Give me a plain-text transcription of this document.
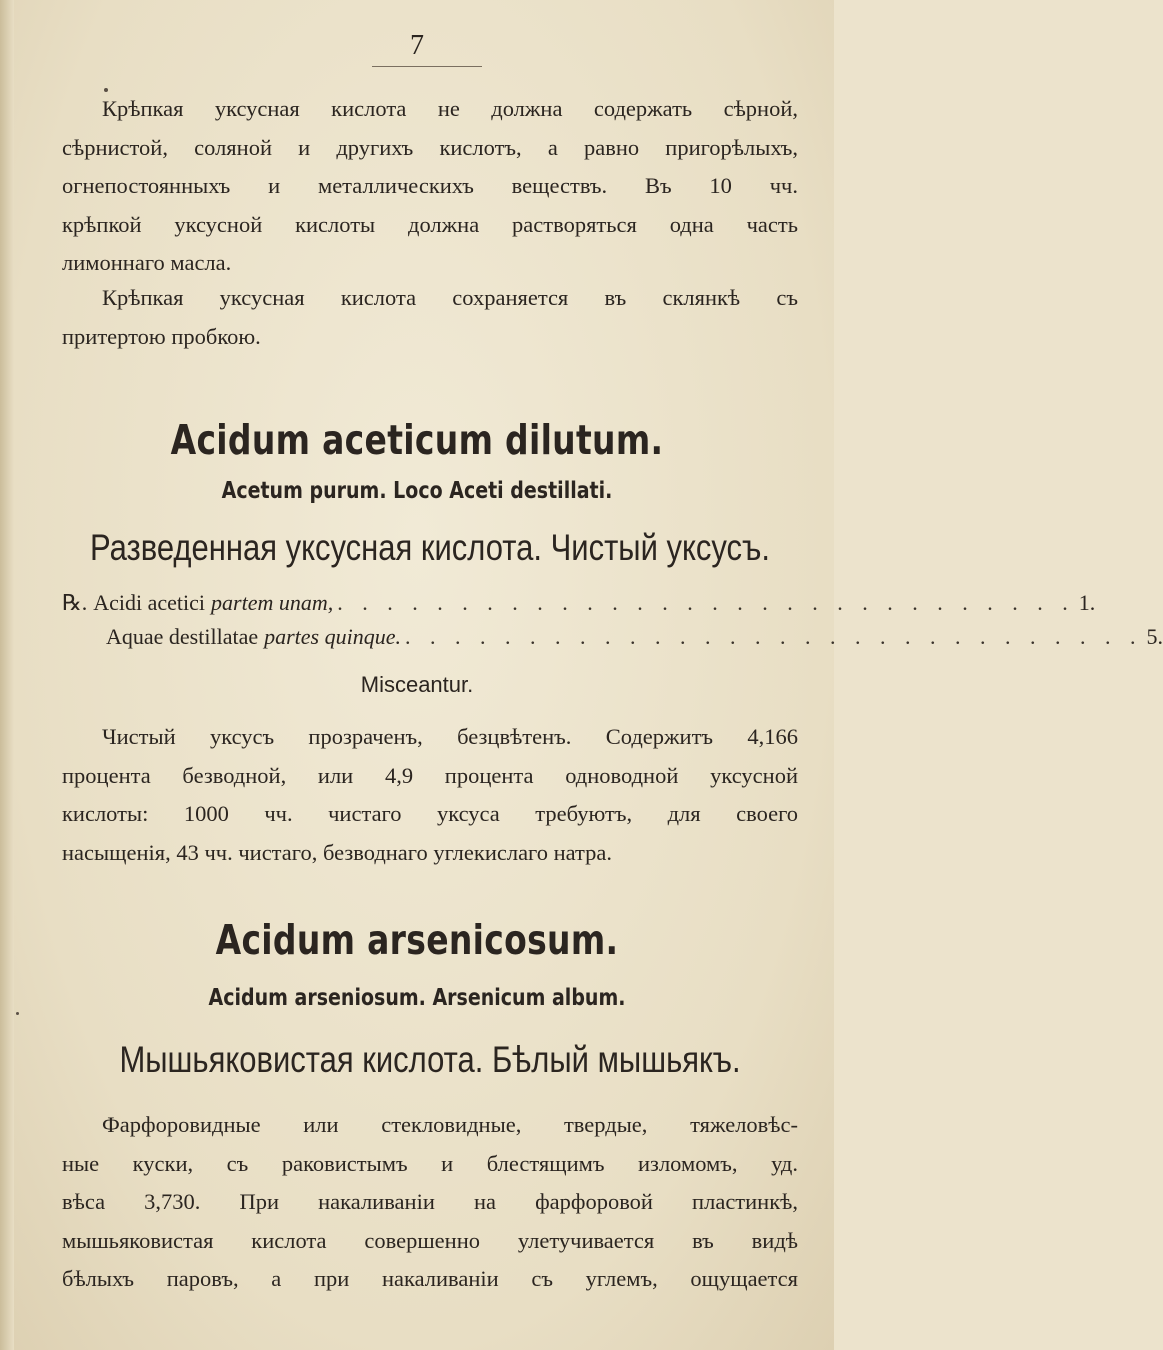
7
Крѣпкая уксусная кислота не должна содержать сѣрной,
сѣрнистой, соляной и другихъ кислотъ, а равно пригорѣлыхъ,
огнепостоянныхъ и металлическихъ веществъ. Въ 10 чч.
крѣпкой уксусной кислоты должна растворяться одна часть
лимоннаго масла.
Крѣпкая уксусная кислота сохраняется въ склянкѣ съ
притертою пробкою.
Acidum aceticum dilutum.
Acetum purum. Loco Aceti destillati.
Разведенная уксусная кислота. Чистый уксусъ.
℞. Acidi acetici partem unam, . . . . . . . . . . . . . . . . . . . . . . . . . . . . . . 1.
Aquae destillatae partes quinque. . . . . . . . . . . . . . . . . . . . . . . . . . . . . . . 5.
Misceantur.
Чистый уксусъ прозраченъ, безцвѣтенъ. Содержитъ 4,166
процента безводной, или 4,9 процента одноводной уксусной
кислоты: 1000 чч. чистаго уксуса требуютъ, для своего
насыщенія, 43 чч. чистаго, безводнаго углекислаго натра.
Acidum arsenicosum.
Acidum arseniosum. Arsenicum album.
Мышьяковистая кислота. Бѣлый мышьякъ.
Фарфоровидные или стекловидные, твердые, тяжеловѣс-
ные куски, съ раковистымъ и блестящимъ изломомъ, уд.
вѣса 3,730. При накаливанiи на фарфоровой пластинкѣ,
мышьяковистая кислота совершенно улетучивается въ видѣ
бѣлыхъ паровъ, а при накаливанiи съ углемъ, ощущается
